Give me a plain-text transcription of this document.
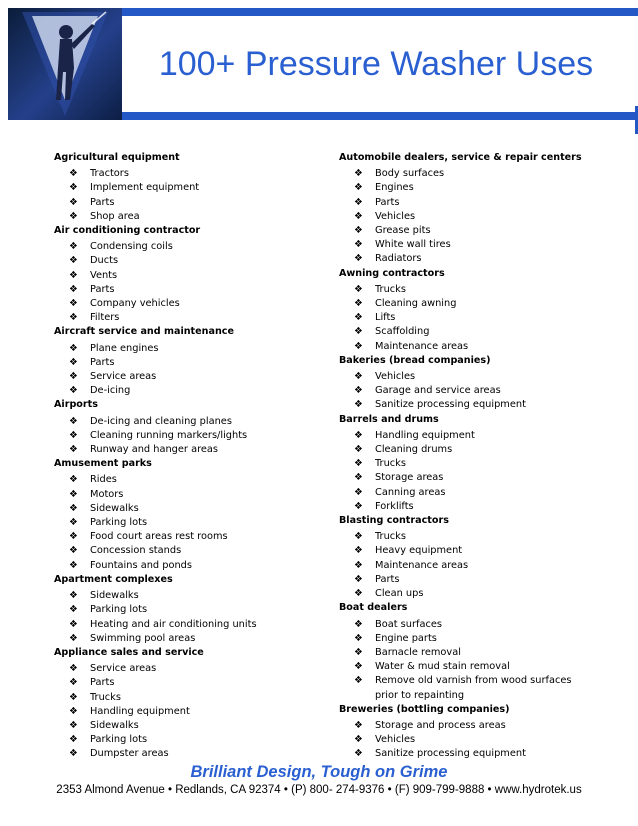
100+ Pressure Washer Uses
Agricultural equipment
❖ Tractors
❖ Implement equipment
❖ Parts
❖ Shop area
Air conditioning contractor
❖ Condensing coils
❖ Ducts
❖ Vents
❖ Parts
❖ Company vehicles
❖ Filters
Aircraft service and maintenance
❖ Plane engines
❖ Parts
❖ Service areas
❖ De-icing
Airports
❖ De-icing and cleaning planes
❖ Cleaning running markers/lights
❖ Runway and hanger areas
Amusement parks
❖ Rides
❖ Motors
❖ Sidewalks
❖ Parking lots
❖ Food court areas rest rooms
❖ Concession stands
❖ Fountains and ponds
Apartment complexes
❖ Sidewalks
❖ Parking lots
❖ Heating and air conditioning units
❖ Swimming pool areas
Appliance sales and service
❖ Service areas
❖ Parts
❖ Trucks
❖ Handling equipment
❖ Sidewalks
❖ Parking lots
❖ Dumpster areas
Automobile dealers, service & repair centers
❖ Body surfaces
❖ Engines
❖ Parts
❖ Vehicles
❖ Grease pits
❖ White wall tires
❖ Radiators
Awning contractors
❖ Trucks
❖ Cleaning awning
❖ Lifts
❖ Scaffolding
❖ Maintenance areas
Bakeries (bread companies)
❖ Vehicles
❖ Garage and service areas
❖ Sanitize processing equipment
Barrels and drums
❖ Handling equipment
❖ Cleaning drums
❖ Trucks
❖ Storage areas
❖ Canning areas
❖ Forklifts
Blasting contractors
❖ Trucks
❖ Heavy equipment
❖ Maintenance areas
❖ Parts
❖ Clean ups
Boat dealers
❖ Boat surfaces
❖ Engine parts
❖ Barnacle removal
❖ Water & mud stain removal
❖ Remove old varnish from wood surfaces prior to repainting
Breweries (bottling companies)
❖ Storage and process areas
❖ Vehicles
❖ Sanitize processing equipment
Brilliant Design, Tough on Grime
2353 Almond Avenue • Redlands, CA 92374 • (P) 800- 274-9376 • (F) 909-799-9888 • www.hydrotek.us
